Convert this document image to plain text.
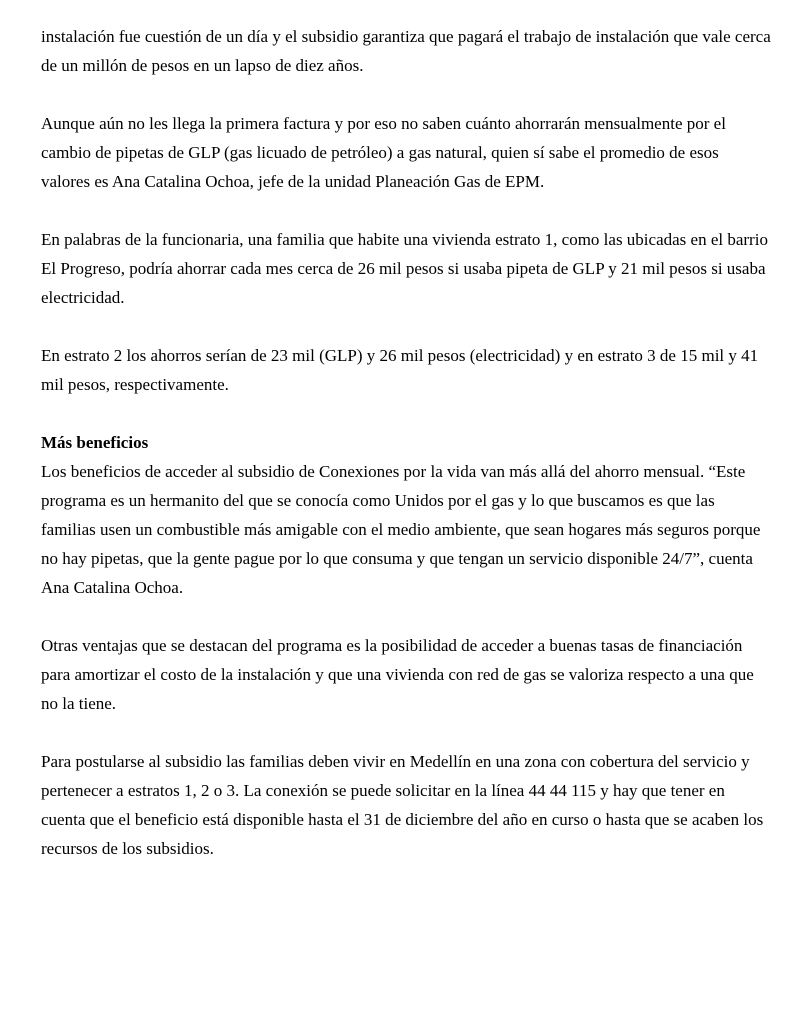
instalación fue cuestión de un día y el subsidio garantiza que pagará el trabajo de instalación que vale cerca de un millón de pesos en un lapso de diez años.

Aunque aún no les llega la primera factura y por eso no saben cuánto ahorrarán mensualmente por el cambio de pipetas de GLP (gas licuado de petróleo) a gas natural, quien sí sabe el promedio de esos valores es Ana Catalina Ochoa, jefe de la unidad Planeación Gas de EPM.

En palabras de la funcionaria, una familia que habite una vivienda estrato 1, como las ubicadas en el barrio El Progreso, podría ahorrar cada mes cerca de 26 mil pesos si usaba pipeta de GLP y 21 mil pesos si usaba electricidad.

En estrato 2 los ahorros serían de 23 mil (GLP) y 26 mil pesos (electricidad) y en estrato 3 de 15 mil y 41 mil pesos, respectivamente.

Más beneficios

Los beneficios de acceder al subsidio de Conexiones por la vida van más allá del ahorro mensual. “Este programa es un hermanito del que se conocía como Unidos por el gas y lo que buscamos es que las familias usen un combustible más amigable con el medio ambiente, que sean hogares más seguros porque no hay pipetas, que la gente pague por lo que consuma y que tengan un servicio disponible 24/7”, cuenta Ana Catalina Ochoa.

Otras ventajas que se destacan del programa es la posibilidad de acceder a buenas tasas de financiación para amortizar el costo de la instalación y que una vivienda con red de gas se valoriza respecto a una que no la tiene.

Para postularse al subsidio las familias deben vivir en Medellín en una zona con cobertura del servicio y pertenecer a estratos 1, 2 o 3. La conexión se puede solicitar en la línea 44 44 115 y hay que tener en cuenta que el beneficio está disponible hasta el 31 de diciembre del año en curso o hasta que se acaben los recursos de los subsidios.
